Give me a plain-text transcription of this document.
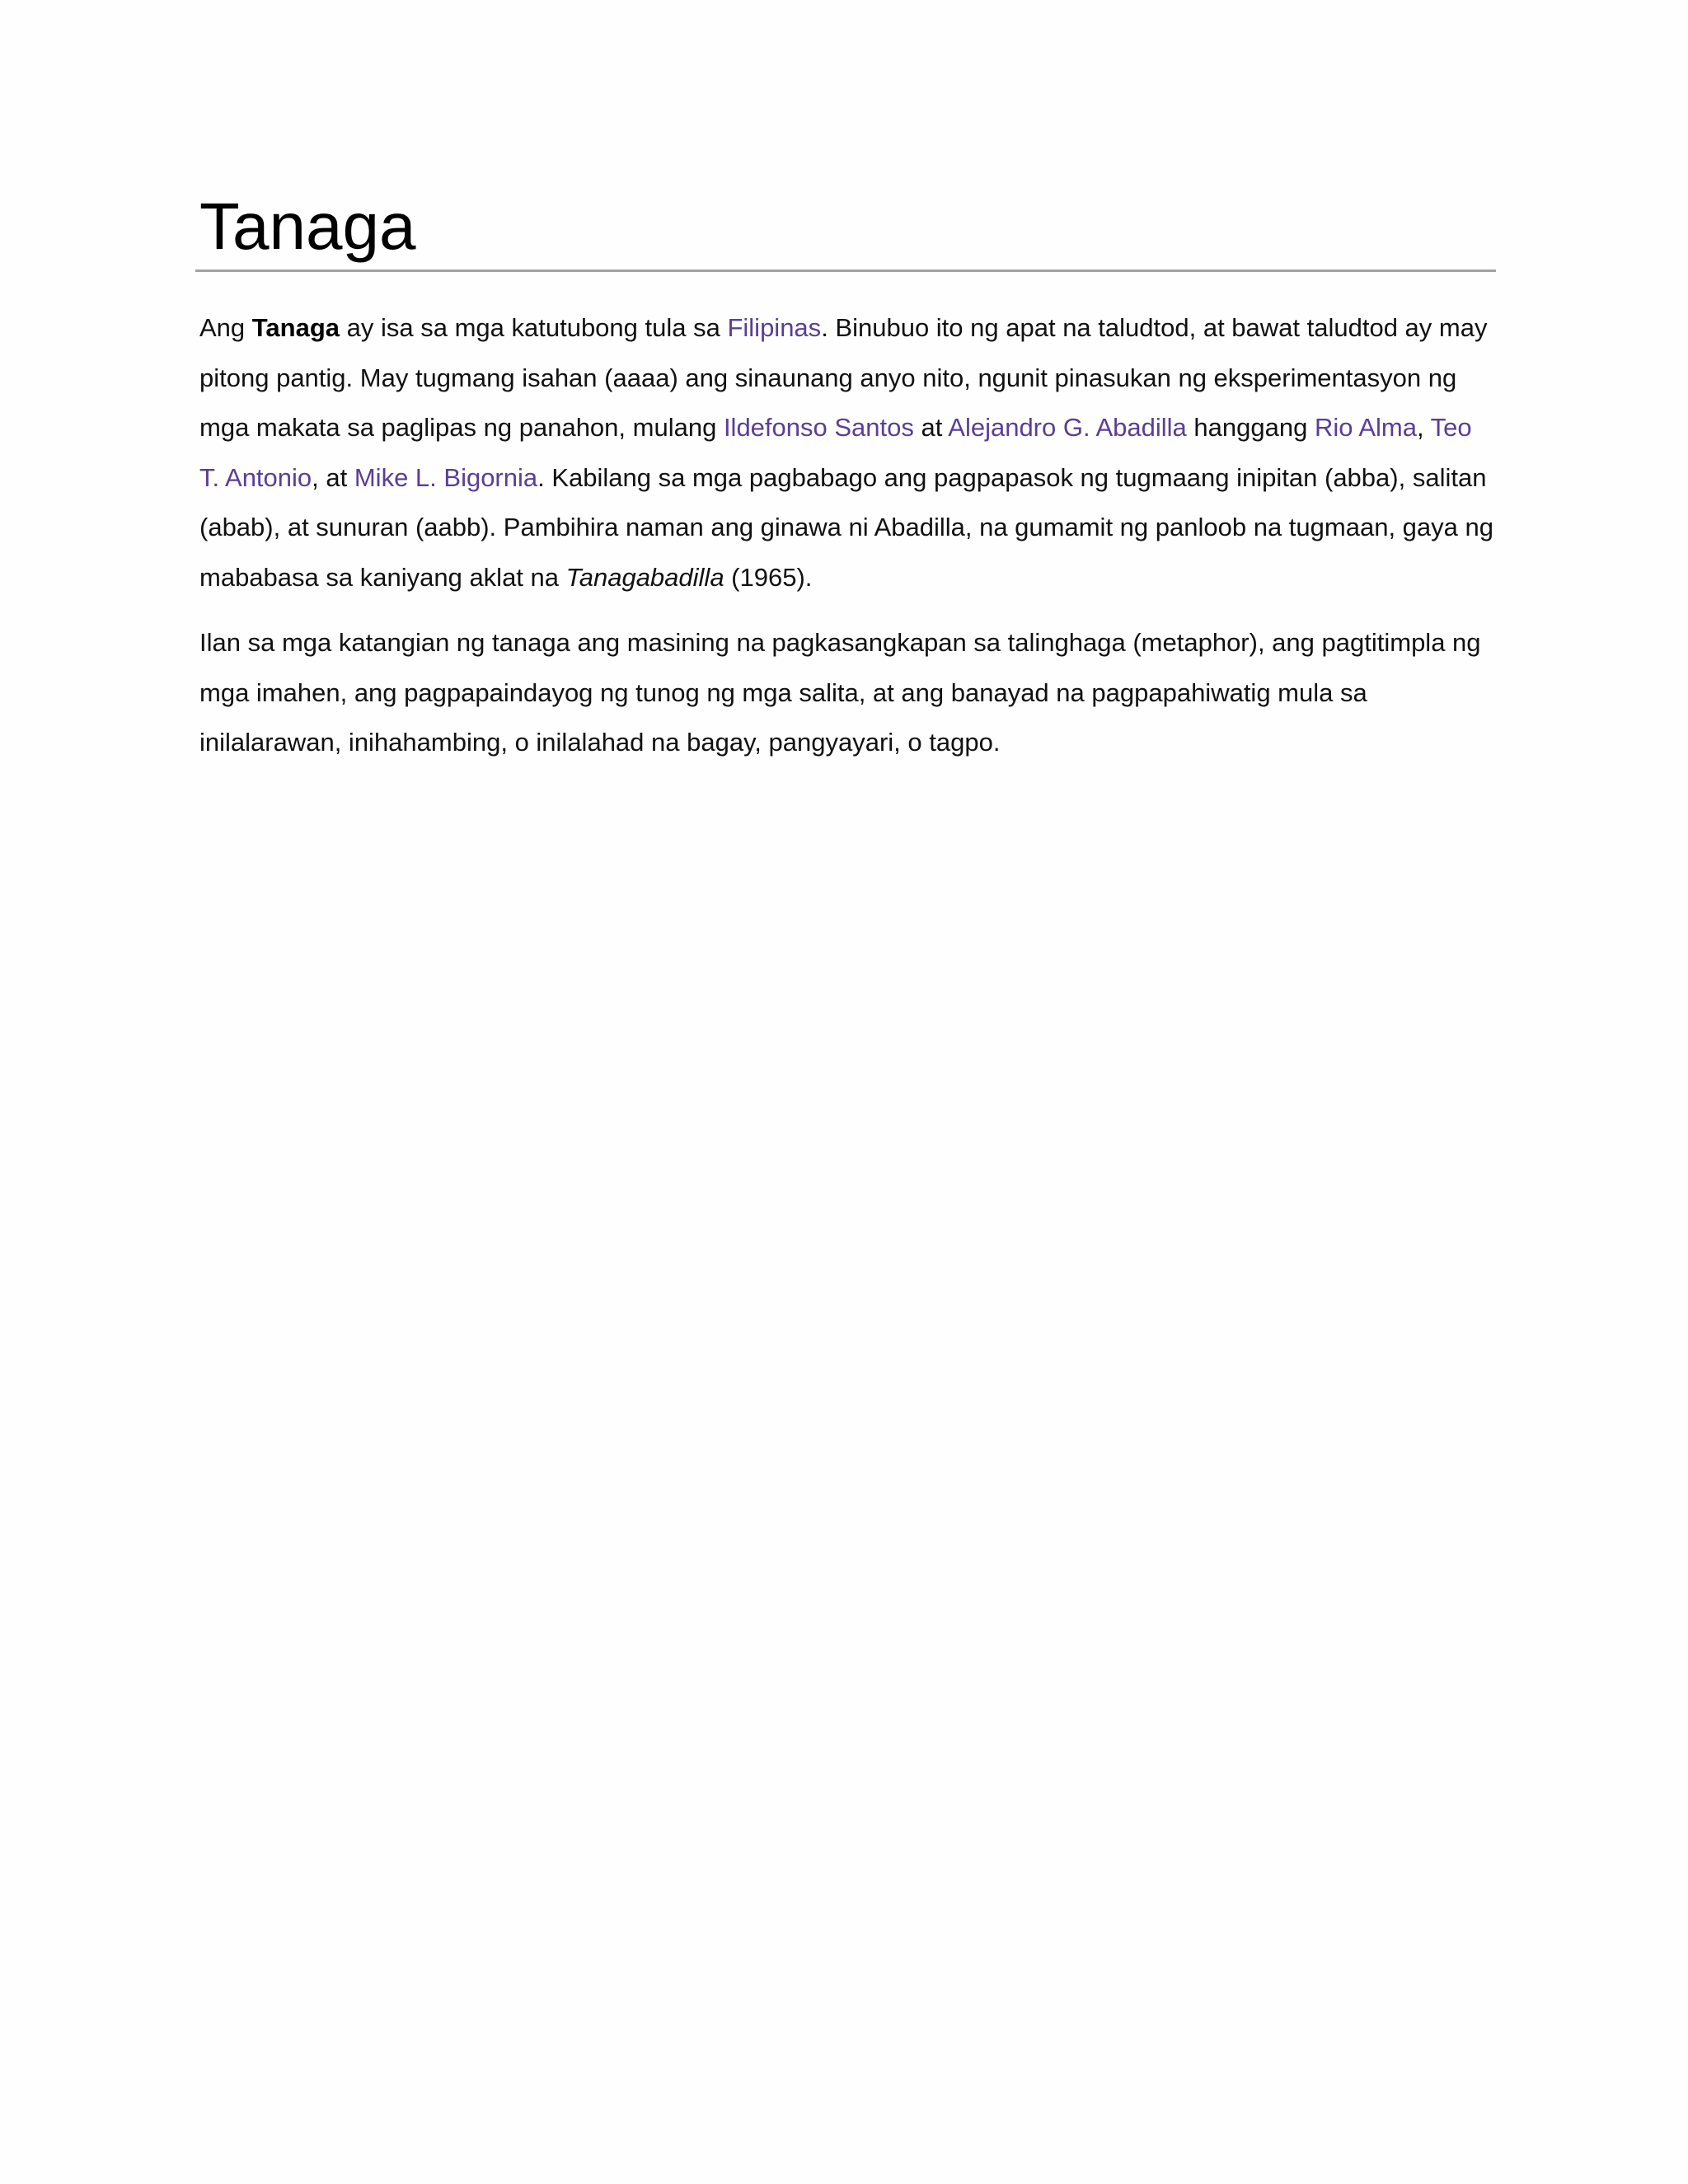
Tanaga

Ang Tanaga ay isa sa mga katutubong tula sa Filipinas. Binubuo ito ng apat na taludtod, at bawat taludtod ay may pitong pantig. May tugmang isahan (aaaa) ang sinaunang anyo nito, ngunit pinasukan ng eksperimentasyon ng mga makata sa paglipas ng panahon, mulang Ildefonso Santos at Alejandro G. Abadilla hanggang Rio Alma, Teo T. Antonio, at Mike L. Bigornia. Kabilang sa mga pagbabago ang pagpapasok ng tugmaang inipitan (abba), salitan (abab), at sunuran (aabb). Pambihira naman ang ginawa ni Abadilla, na gumamit ng panloob na tugmaan, gaya ng mababasa sa kaniyang aklat na Tanagabadilla (1965).

Ilan sa mga katangian ng tanaga ang masining na pagkasangkapan sa talinghaga (metaphor), ang pagtitimpla ng mga imahen, ang pagpapaindayog ng tunog ng mga salita, at ang banayad na pagpapahiwatig mula sa inilalarawan, inihahambing, o inilalahad na bagay, pangyayari, o tagpo.
